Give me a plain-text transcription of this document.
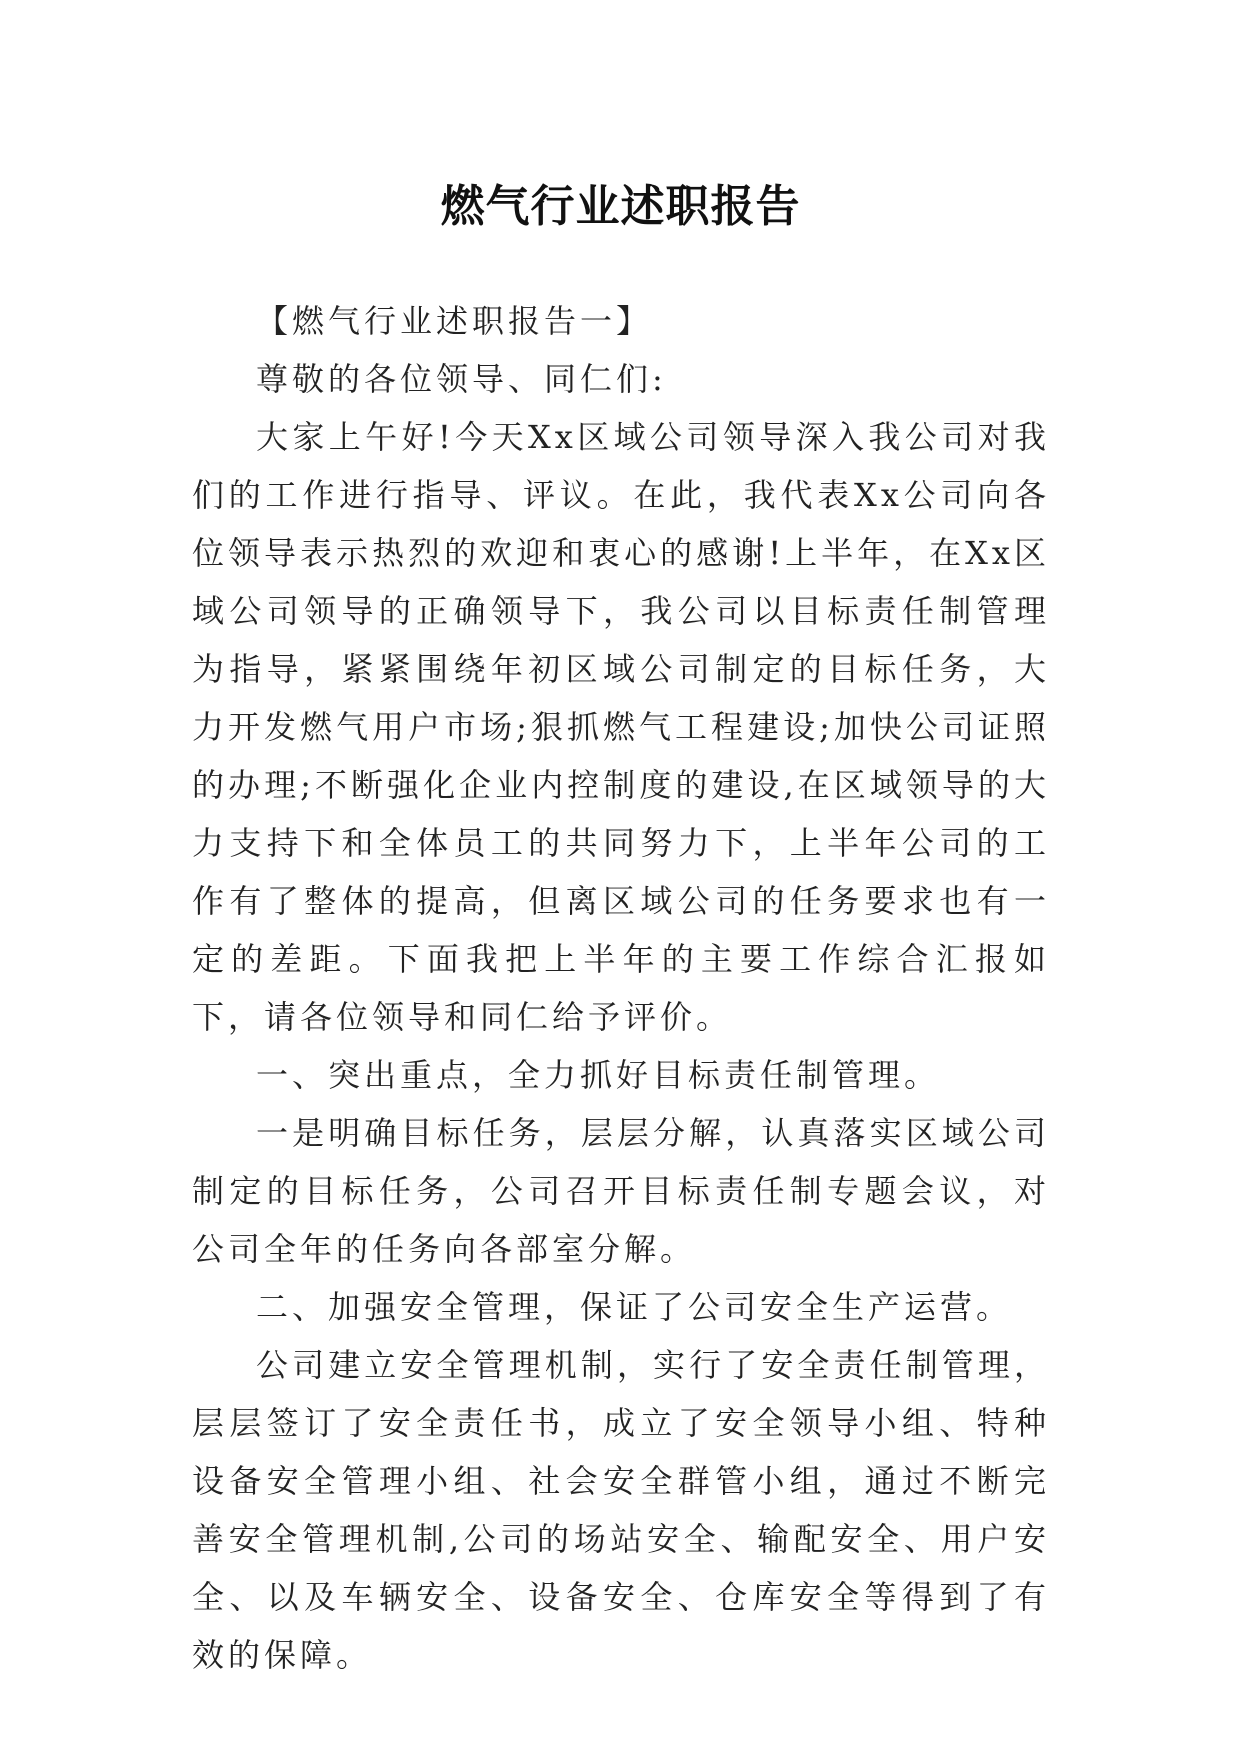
燃气行业述职报告

【燃气行业述职报告一】

尊敬的各位领导、同仁们:

大家上午好!今天Xx区域公司领导深入我公司对我们的工作进行指导、评议。在此，我代表Xx公司向各位领导表示热烈的欢迎和衷心的感谢!上半年，在Xx区域公司领导的正确领导下，我公司以目标责任制管理为指导，紧紧围绕年初区域公司制定的目标任务，大力开发燃气用户市场;狠抓燃气工程建设;加快公司证照的办理;不断强化企业内控制度的建设,在区域领导的大力支持下和全体员工的共同努力下，上半年公司的工作有了整体的提高，但离区域公司的任务要求也有一定的差距。下面我把上半年的主要工作综合汇报如下，请各位领导和同仁给予评价。

一、突出重点，全力抓好目标责任制管理。

一是明确目标任务，层层分解，认真落实区域公司制定的目标任务，公司召开目标责任制专题会议，对公司全年的任务向各部室分解。

二、加强安全管理，保证了公司安全生产运营。

公司建立安全管理机制，实行了安全责任制管理，层层签订了安全责任书，成立了安全领导小组、特种设备安全管理小组、社会安全群管小组，通过不断完善安全管理机制,公司的场站安全、输配安全、用户安全、以及车辆安全、设备安全、仓库安全等得到了有效的保障。
